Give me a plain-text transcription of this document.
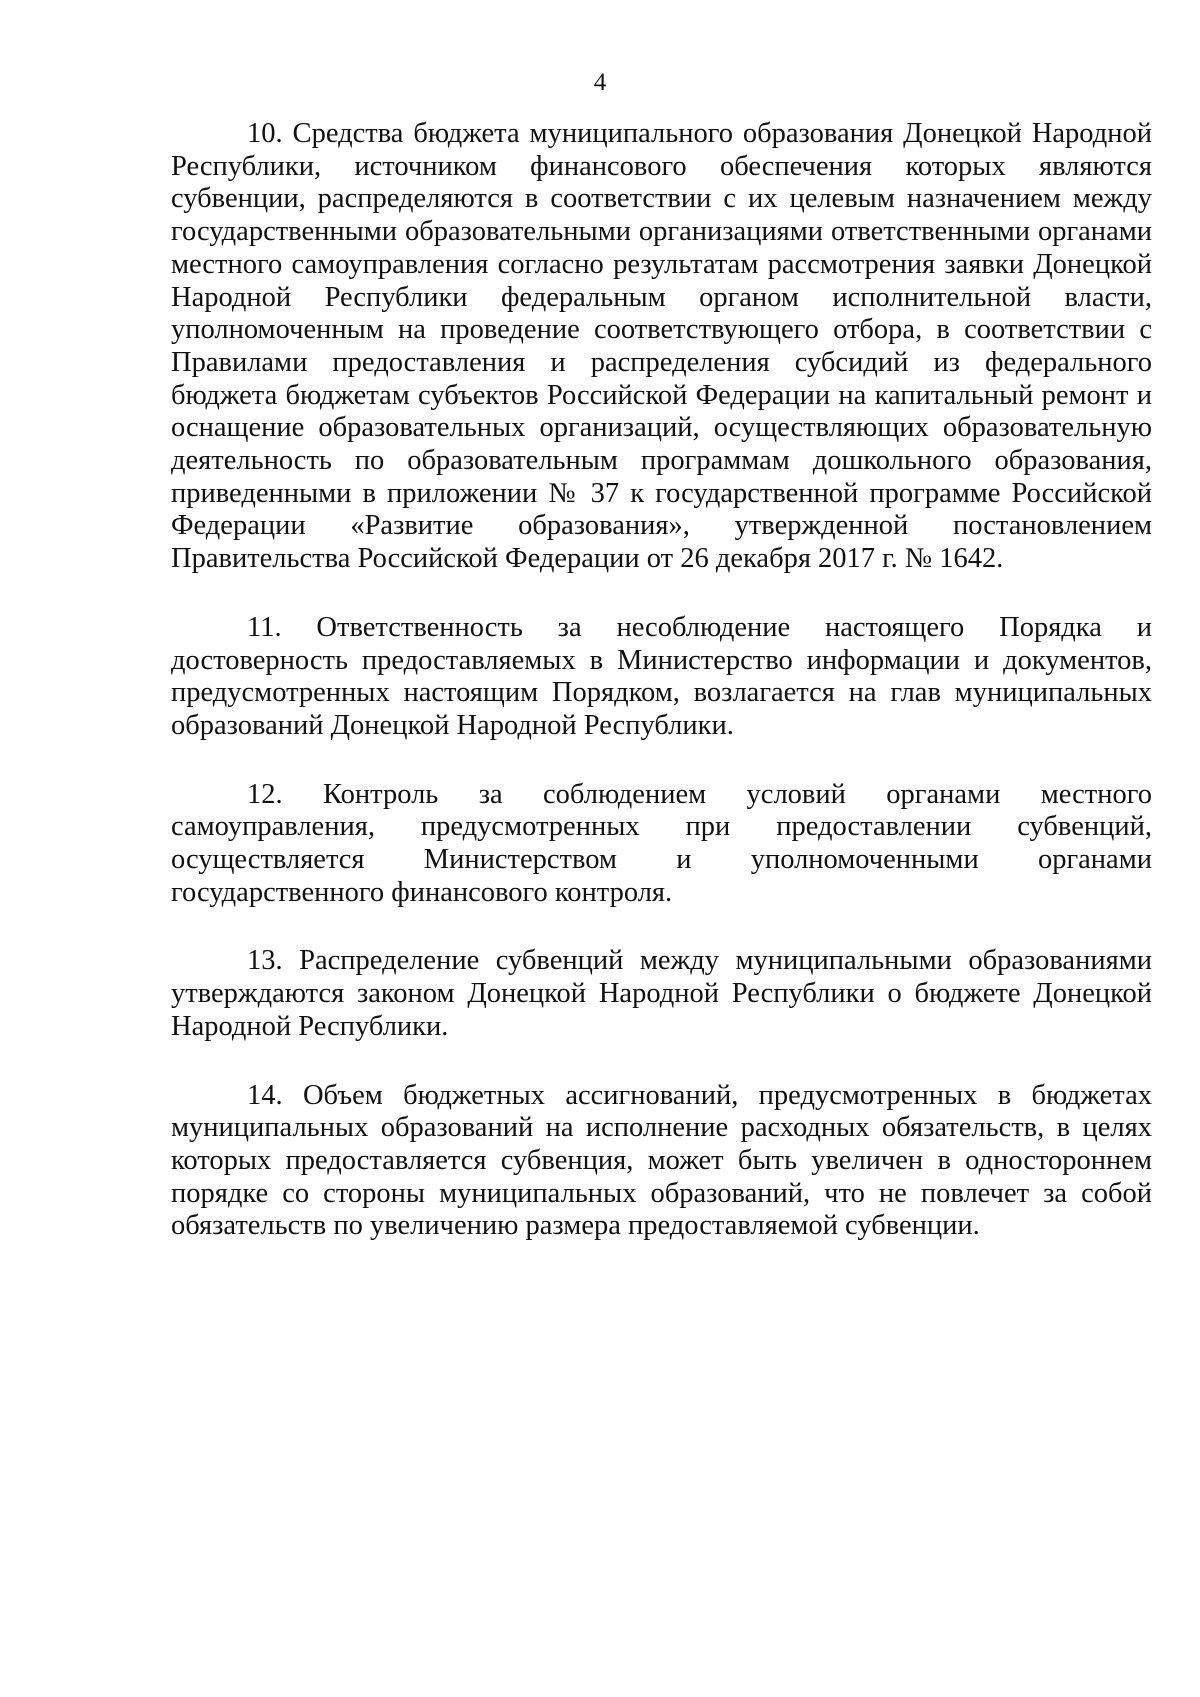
4

10. Средства бюджета муниципального образования Донецкой Народной Республики, источником финансового обеспечения которых являются субвенции, распределяются в соответствии с их целевым назначением между государственными образовательными организациями ответственными органами местного самоуправления согласно результатам рассмотрения заявки Донецкой Народной Республики федеральным органом исполнительной власти, уполномоченным на проведение соответствующего отбора, в соответствии с Правилами предоставления и распределения субсидий из федерального бюджета бюджетам субъектов Российской Федерации на капитальный ремонт и оснащение образовательных организаций, осуществляющих образовательную деятельность по образовательным программам дошкольного образования, приведенными в приложении № 37 к государственной программе Российской Федерации «Развитие образования», утвержденной постановлением Правительства Российской Федерации от 26 декабря 2017 г. № 1642.

11. Ответственность за несоблюдение настоящего Порядка и достоверность предоставляемых в Министерство информации и документов, предусмотренных настоящим Порядком, возлагается на глав муниципальных образований Донецкой Народной Республики.

12. Контроль за соблюдением условий органами местного самоуправления, предусмотренных при предоставлении субвенций, осуществляется Министерством и уполномоченными органами государственного финансового контроля.

13. Распределение субвенций между муниципальными образованиями утверждаются законом Донецкой Народной Республики о бюджете Донецкой Народной Республики.

14. Объем бюджетных ассигнований, предусмотренных в бюджетах муниципальных образований на исполнение расходных обязательств, в целях которых предоставляется субвенция, может быть увеличен в одностороннем порядке со стороны муниципальных образований, что не повлечет за собой обязательств по увеличению размера предоставляемой субвенции.
